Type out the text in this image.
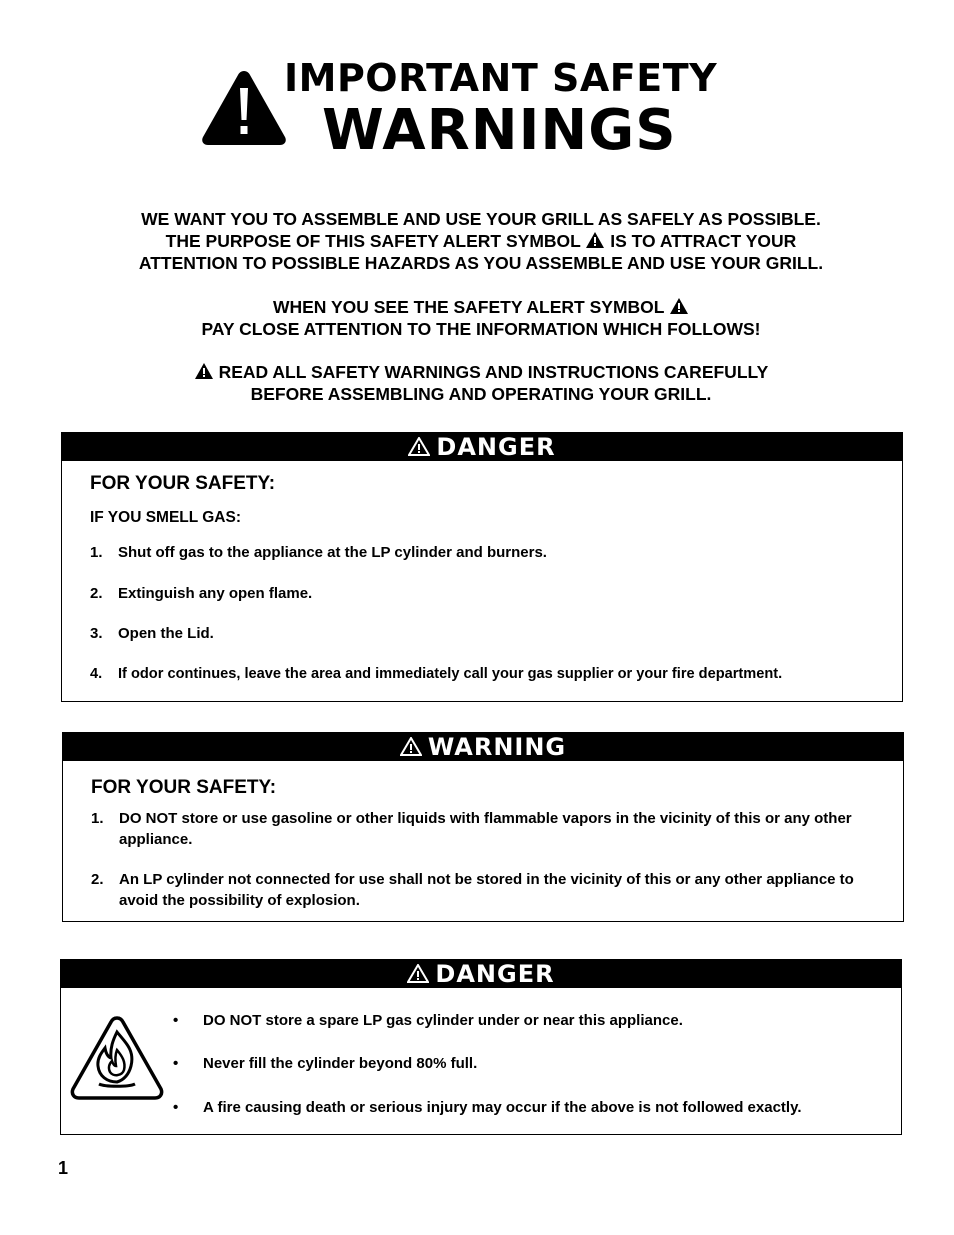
IMPORTANT SAFETY
WARNINGS
WE WANT YOU TO ASSEMBLE AND USE YOUR GRILL AS SAFELY AS POSSIBLE.
THE PURPOSE OF THIS SAFETY ALERT SYMBOL IS TO ATTRACT YOUR
ATTENTION TO POSSIBLE HAZARDS AS YOU ASSEMBLE AND USE YOUR GRILL.
WHEN YOU SEE THE SAFETY ALERT SYMBOL
PAY CLOSE ATTENTION TO THE INFORMATION WHICH FOLLOWS!
READ ALL SAFETY WARNINGS AND INSTRUCTIONS CAREFULLY
BEFORE ASSEMBLING AND OPERATING YOUR GRILL.
DANGER
FOR YOUR SAFETY:
IF YOU SMELL GAS:
1. Shut off gas to the appliance at the LP cylinder and burners.
2. Extinguish any open flame.
3. Open the Lid.
4. If odor continues, leave the area and immediately call your gas supplier or your fire department.
WARNING
FOR YOUR SAFETY:
1. DO NOT store or use gasoline or other liquids with flammable vapors in the vicinity of this or any other appliance.
2. An LP cylinder not connected for use shall not be stored in the vicinity of this or any other appliance to avoid the possibility of explosion.
DANGER
• DO NOT store a spare LP gas cylinder under or near this appliance.
• Never fill the cylinder beyond 80% full.
• A fire causing death or serious injury may occur if the above is not followed exactly.
1
